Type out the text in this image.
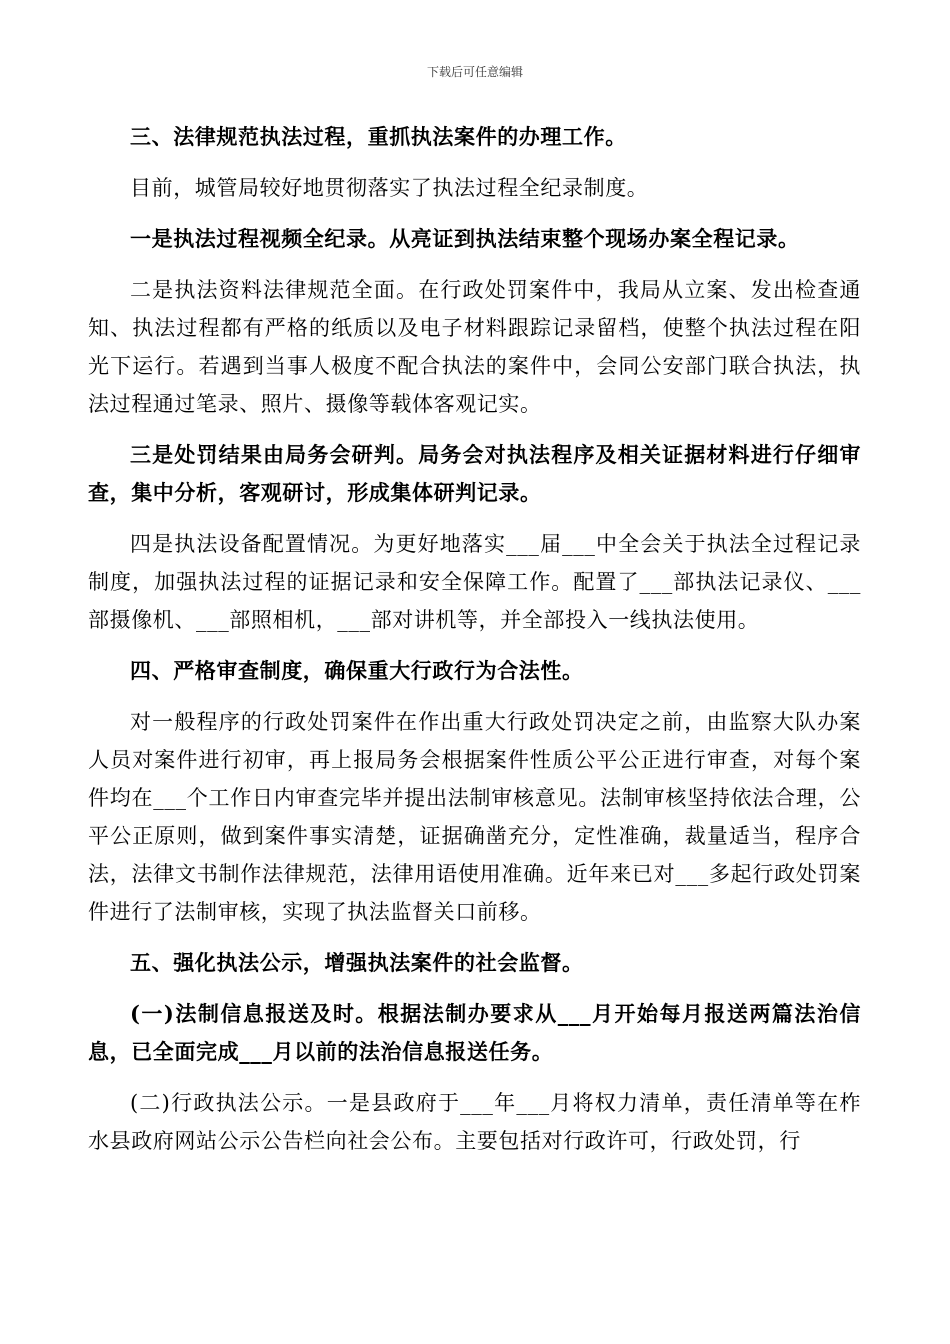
下载后可任意编辑

三、法律规范执法过程，重抓执法案件的办理工作。

目前，城管局较好地贯彻落实了执法过程全纪录制度。

一是执法过程视频全纪录。从亮证到执法结束整个现场办案全程记录。

二是执法资料法律规范全面。在行政处罚案件中，我局从立案、发出检查通知、执法过程都有严格的纸质以及电子材料跟踪记录留档，使整个执法过程在阳光下运行。若遇到当事人极度不配合执法的案件中，会同公安部门联合执法，执法过程通过笔录、照片、摄像等载体客观记实。

三是处罚结果由局务会研判。局务会对执法程序及相关证据材料进行仔细审查，集中分析，客观研讨，形成集体研判记录。

四是执法设备配置情况。为更好地落实___届___中全会关于执法全过程记录制度，加强执法过程的证据记录和安全保障工作。配置了___部执法记录仪、___部摄像机、___部照相机，___部对讲机等，并全部投入一线执法使用。

四、严格审查制度，确保重大行政行为合法性。

对一般程序的行政处罚案件在作出重大行政处罚决定之前，由监察大队办案人员对案件进行初审，再上报局务会根据案件性质公平公正进行审查，对每个案件均在___个工作日内审查完毕并提出法制审核意见。法制审核坚持依法合理，公平公正原则，做到案件事实清楚，证据确凿充分，定性准确，裁量适当，程序合法，法律文书制作法律规范，法律用语使用准确。近年来已对___多起行政处罚案件进行了法制审核，实现了执法监督关口前移。

五、强化执法公示，增强执法案件的社会监督。

(一)法制信息报送及时。根据法制办要求从___月开始每月报送两篇法治信息，已全面完成___月以前的法治信息报送任务。

(二)行政执法公示。一是县政府于___年___月将权力清单，责任清单等在柞水县政府网站公示公告栏向社会公布。主要包括对行政许可，行政处罚，行
